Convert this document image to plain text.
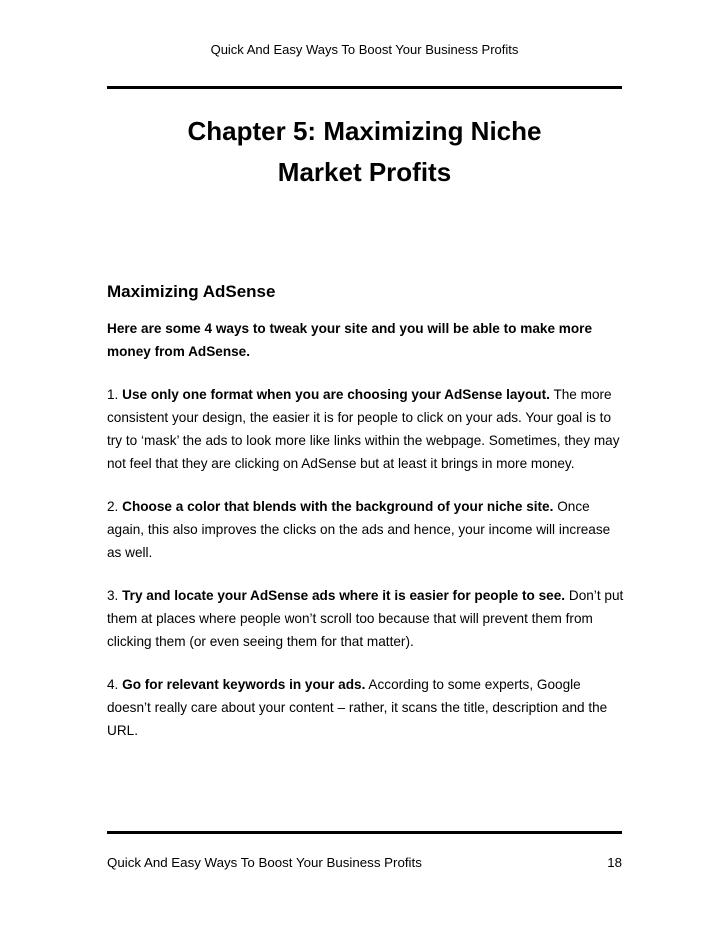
Quick And Easy Ways To Boost Your Business Profits
Chapter 5: Maximizing Niche
Market Profits
Maximizing AdSense

Here are some 4 ways to tweak your site and you will be able to make more money from AdSense.

1. Use only one format when you are choosing your AdSense layout. The more consistent your design, the easier it is for people to click on your ads. Your goal is to try to ‘mask’ the ads to look more like links within the webpage. Sometimes, they may not feel that they are clicking on AdSense but at least it brings in more money.

2. Choose a color that blends with the background of your niche site. Once again, this also improves the clicks on the ads and hence, your income will increase as well.

3. Try and locate your AdSense ads where it is easier for people to see. Don’t put them at places where people won’t scroll too because that will prevent them from clicking them (or even seeing them for that matter).

4. Go for relevant keywords in your ads. According to some experts, Google doesn’t really care about your content – rather, it scans the title, description and the URL.

Quick And Easy Ways To Boost Your Business Profits	18
